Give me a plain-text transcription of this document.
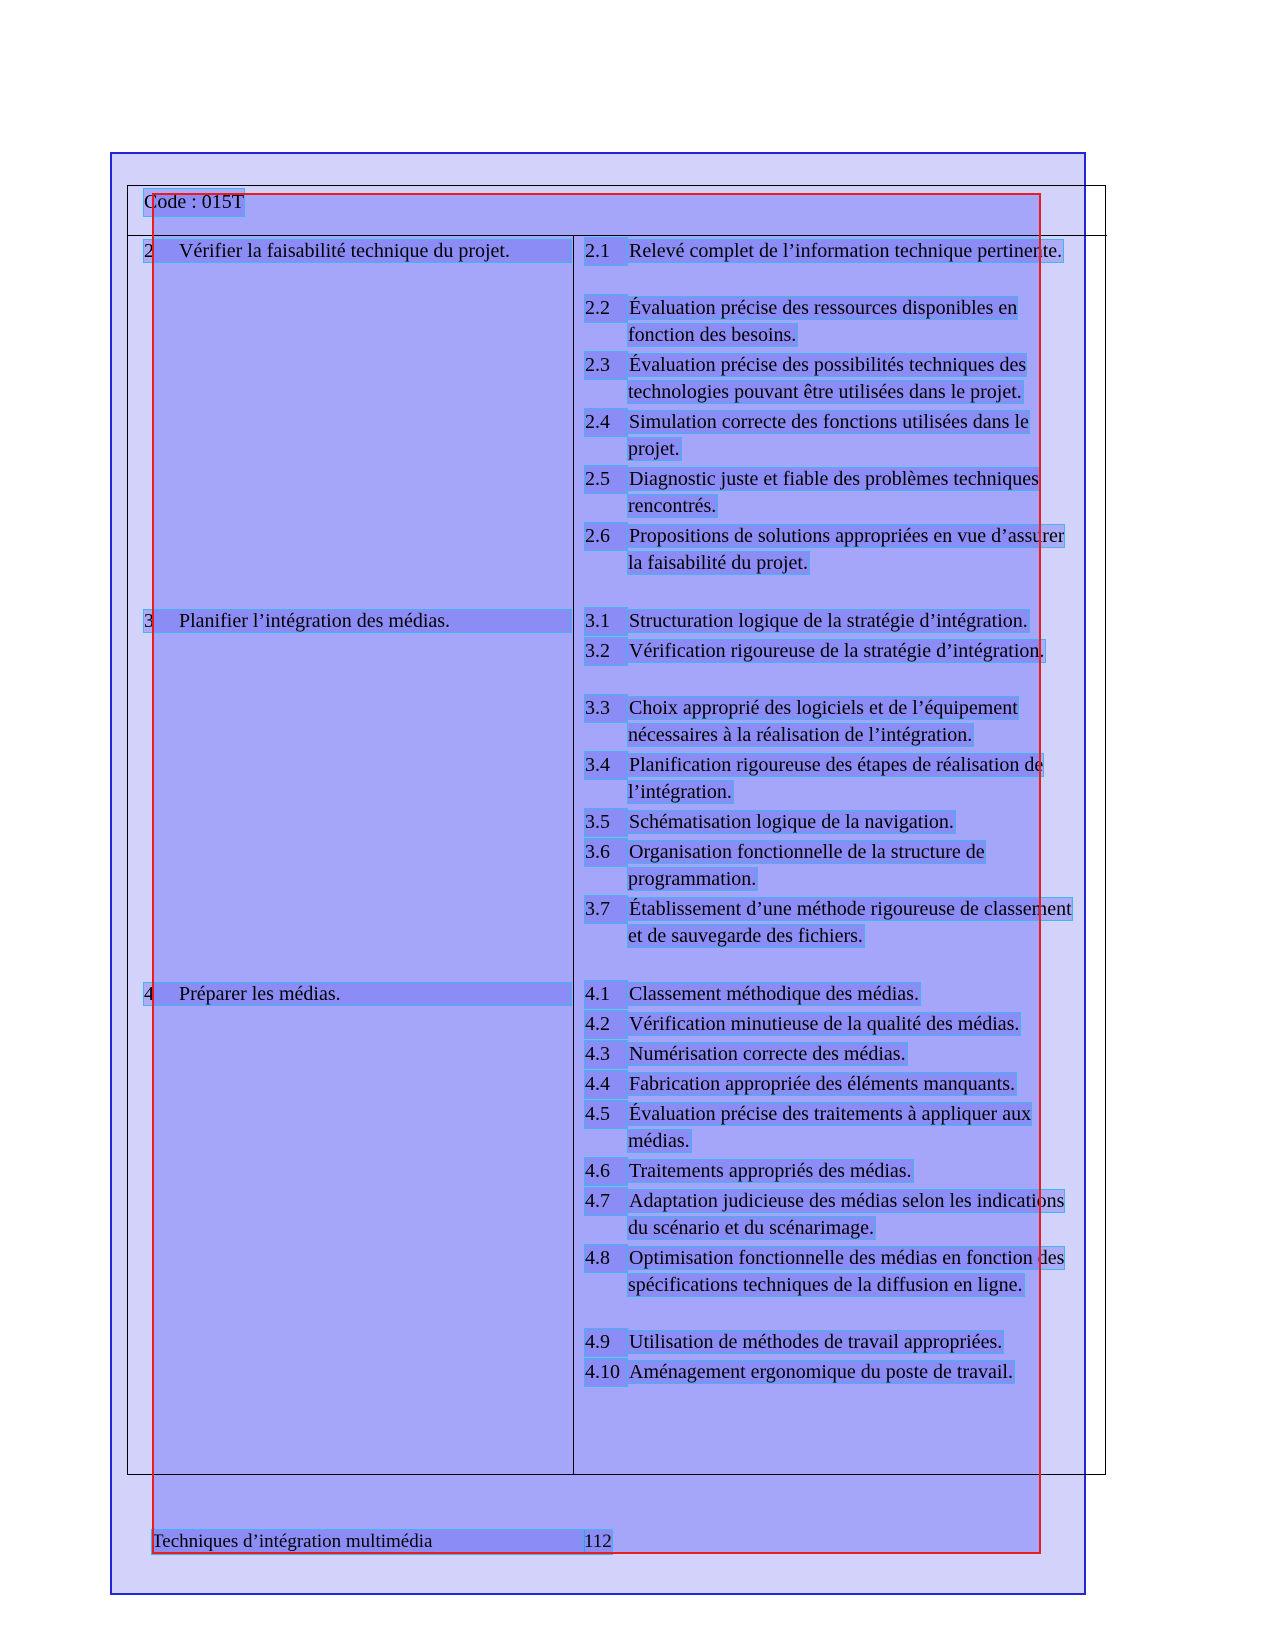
Code : 015T
2 Vérifier la faisabilité technique du projet.	2.1 Relevé complet de l’information technique pertinente.
2.2 Évaluation précise des ressources disponibles en fonction des besoins.
2.3 Évaluation précise des possibilités techniques des technologies pouvant être utilisées dans le projet.
2.4 Simulation correcte des fonctions utilisées dans le projet.
2.5 Diagnostic juste et fiable des problèmes techniques rencontrés.
2.6 Propositions de solutions appropriées en vue d’assurer la faisabilité du projet.
3 Planifier l’intégration des médias.	3.1 Structuration logique de la stratégie d’intégration.
3.2 Vérification rigoureuse de la stratégie d’intégration.
3.3 Choix approprié des logiciels et de l’équipement nécessaires à la réalisation de l’intégration.
3.4 Planification rigoureuse des étapes de réalisation de l’intégration.
3.5 Schématisation logique de la navigation.
3.6 Organisation fonctionnelle de la structure de programmation.
3.7 Établissement d’une méthode rigoureuse de classement et de sauvegarde des fichiers.
4 Préparer les médias.	4.1 Classement méthodique des médias.
4.2 Vérification minutieuse de la qualité des médias.
4.3 Numérisation correcte des médias.
4.4 Fabrication appropriée des éléments manquants.
4.5 Évaluation précise des traitements à appliquer aux médias.
4.6 Traitements appropriés des médias.
4.7 Adaptation judicieuse des médias selon les indications du scénario et du scénarimage.
4.8 Optimisation fonctionnelle des médias en fonction des spécifications techniques de la diffusion en ligne.
4.9 Utilisation de méthodes de travail appropriées.
4.10 Aménagement ergonomique du poste de travail.
Techniques d’intégration multimédia	112
